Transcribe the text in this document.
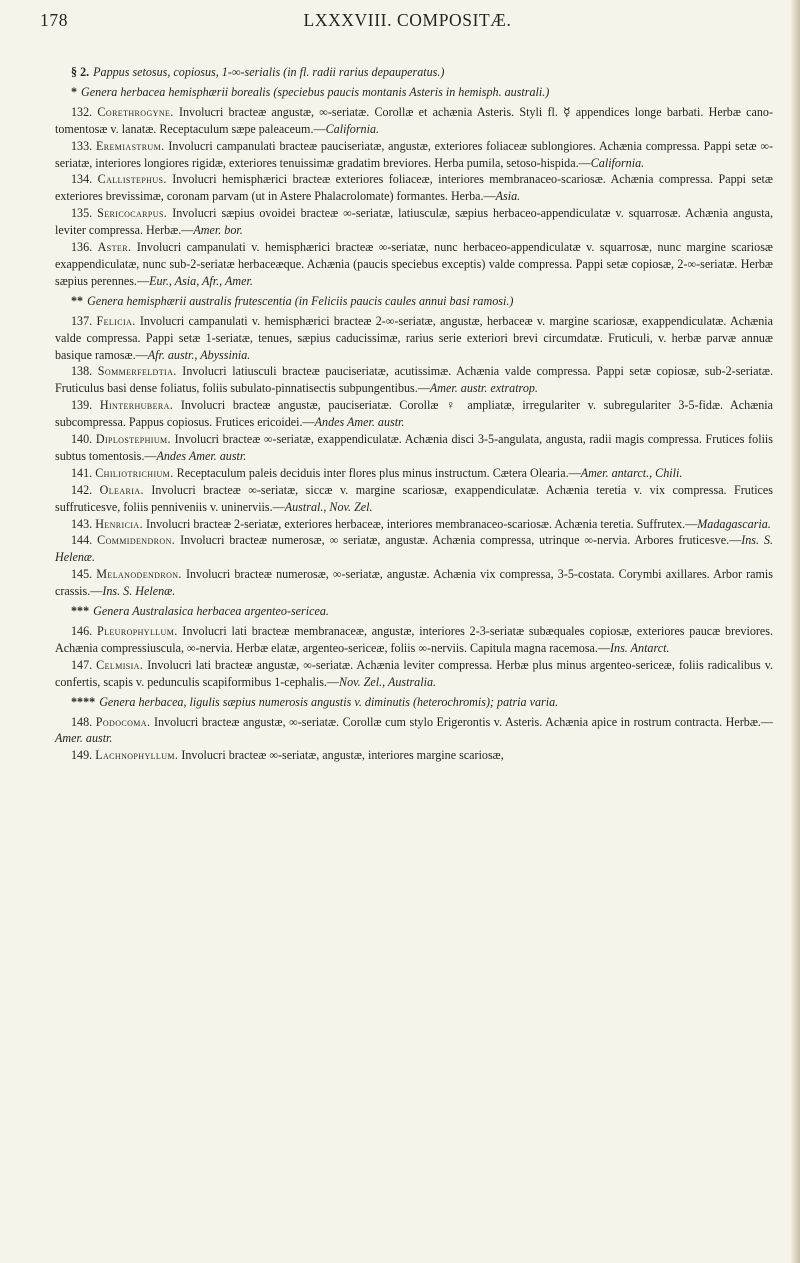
178	LXXXVIII. COMPOSITÆ.

§ 2. Pappus setosus, copiosus, 1-∞-serialis (in fl. radii rarius depauperatus.)

* Genera herbacea hemisphærii borealis (speciebus paucis montanis Asteris in hemisph. australi.)

132. Corethrogyne. Involucri bracteæ angustæ, ∞-seriatæ. Corollæ et achænia Asteris. Styli fl. ☿ appendices longe barbati. Herbæ cano-tomentosæ v. lanatæ. Receptaculum sæpe paleaceum.—California.

133. Eremiastrum. Involucri campanulati bracteæ pauciseriatæ, angustæ, exteriores foliaceæ sublongiores. Achænia compressa. Pappi setæ ∞-seriatæ, interiores longiores rigidæ, exteriores tenuissimæ gradatim breviores. Herba pumila, setoso-hispida.—California.

134. Callistephus. Involucri hemisphærici bracteæ exteriores foliaceæ, interiores membranaceo-scariosæ. Achænia compressa. Pappi setæ exteriores brevissimæ, coronam parvam (ut in Astere Phalacrolomate) formantes. Herba.—Asia.

135. Sericocarpus. Involucri sæpius ovoidei bracteæ ∞-seriatæ, latiusculæ, sæpius herbaceo-appendiculatæ v. squarrosæ. Achænia angusta, leviter compressa. Herbæ.—Amer. bor.

136. Aster. Involucri campanulati v. hemisphærici bracteæ ∞-seriatæ, nunc herbaceo-appendiculatæ v. squarrosæ, nunc margine scariosæ exappendiculatæ, nunc sub-2-seriatæ herbaceæque. Achænia (paucis speciebus exceptis) valde compressa. Pappi setæ copiosæ, 2-∞-seriatæ. Herbæ sæpius perennes.—Eur., Asia, Afr., Amer.

** Genera hemisphærii australis frutescentia (in Feliciis paucis caules annui basi ramosi.)

137. Felicia. Involucri campanulati v. hemisphærici bracteæ 2-∞-seriatæ, angustæ, herbaceæ v. margine scariosæ, exappendiculatæ. Achænia valde compressa. Pappi setæ 1-seriatæ, tenues, sæpius caducissimæ, rarius serie exteriori brevi circumdatæ. Fruticuli, v. herbæ parvæ annuæ basique ramosæ.—Afr. austr., Abyssinia.

138. Sommerfeldtia. Involucri latiusculi bracteæ pauciseriatæ, acutissimæ. Achænia valde compressa. Pappi setæ copiosæ, sub-2-seriatæ. Fruticulus basi dense foliatus, foliis subulato-pinnatisectis subpungentibus.—Amer. austr. extratrop.

139. Hinterhubera. Involucri bracteæ angustæ, pauciseriatæ. Corollæ ♀ ampliatæ, irregulariter v. subregulariter 3-5-fidæ. Achænia subcompressa. Pappus copiosus. Frutices ericoidei.—Andes Amer. austr.

140. Diplostephium. Involucri bracteæ ∞-seriatæ, exappendiculatæ. Achænia disci 3-5-angulata, angusta, radii magis compressa. Frutices foliis subtus tomentosis.—Andes Amer. austr.

141. Chiliotrichium. Receptaculum paleis deciduis inter flores plus minus instructum. Cætera Olearia.—Amer. antarct., Chili.

142. Olearia. Involucri bracteæ ∞-seriatæ, siccæ v. margine scariosæ, exappendiculatæ. Achænia teretia v. vix compressa. Frutices suffruticesve, foliis penniveniis v. uninerviis.—Austral., Nov. Zel.

143. Henricia. Involucri bracteæ 2-seriatæ, exteriores herbaceæ, interiores membranaceo-scariosæ. Achænia teretia. Suffrutex.—Madagascaria.

144. Commidendron. Involucri bracteæ numerosæ, ∞ seriatæ, angustæ. Achænia compressa, utrinque ∞-nervia. Arbores fruticesve.—Ins. S. Helenæ.

145. Melanodendron. Involucri bracteæ numerosæ, ∞-seriatæ, angustæ. Achænia vix compressa, 3-5-costata. Corymbi axillares. Arbor ramis crassis.—Ins. S. Helenæ.

*** Genera Australasica herbacea argenteo-sericea.

146. Pleurophyllum. Involucri lati bracteæ membranaceæ, angustæ, interiores 2-3-seriatæ subæquales copiosæ, exteriores paucæ breviores. Achænia compressiuscula, ∞-nervia. Herbæ elatæ, argenteo-sericeæ, foliis ∞-nerviis. Capitula magna racemosa.—Ins. Antarct.

147. Celmisia. Involucri lati bracteæ angustæ, ∞-seriatæ. Achænia leviter compressa. Herbæ plus minus argenteo-sericeæ, foliis radicalibus v. confertis, scapis v. pedunculis scapiformibus 1-cephalis.—Nov. Zel., Australia.

**** Genera herbacea, ligulis sæpius numerosis angustis v. diminutis (heterochromis); patria varia.

148. Podocoma. Involucri bracteæ angustæ, ∞-seriatæ. Corollæ cum stylo Erigerontis v. Asteris. Achænia apice in rostrum contracta. Herbæ.—Amer. austr.

149. Lachnophyllum. Involucri bracteæ ∞-seriatæ, angustæ, interiores margine scariosæ,
